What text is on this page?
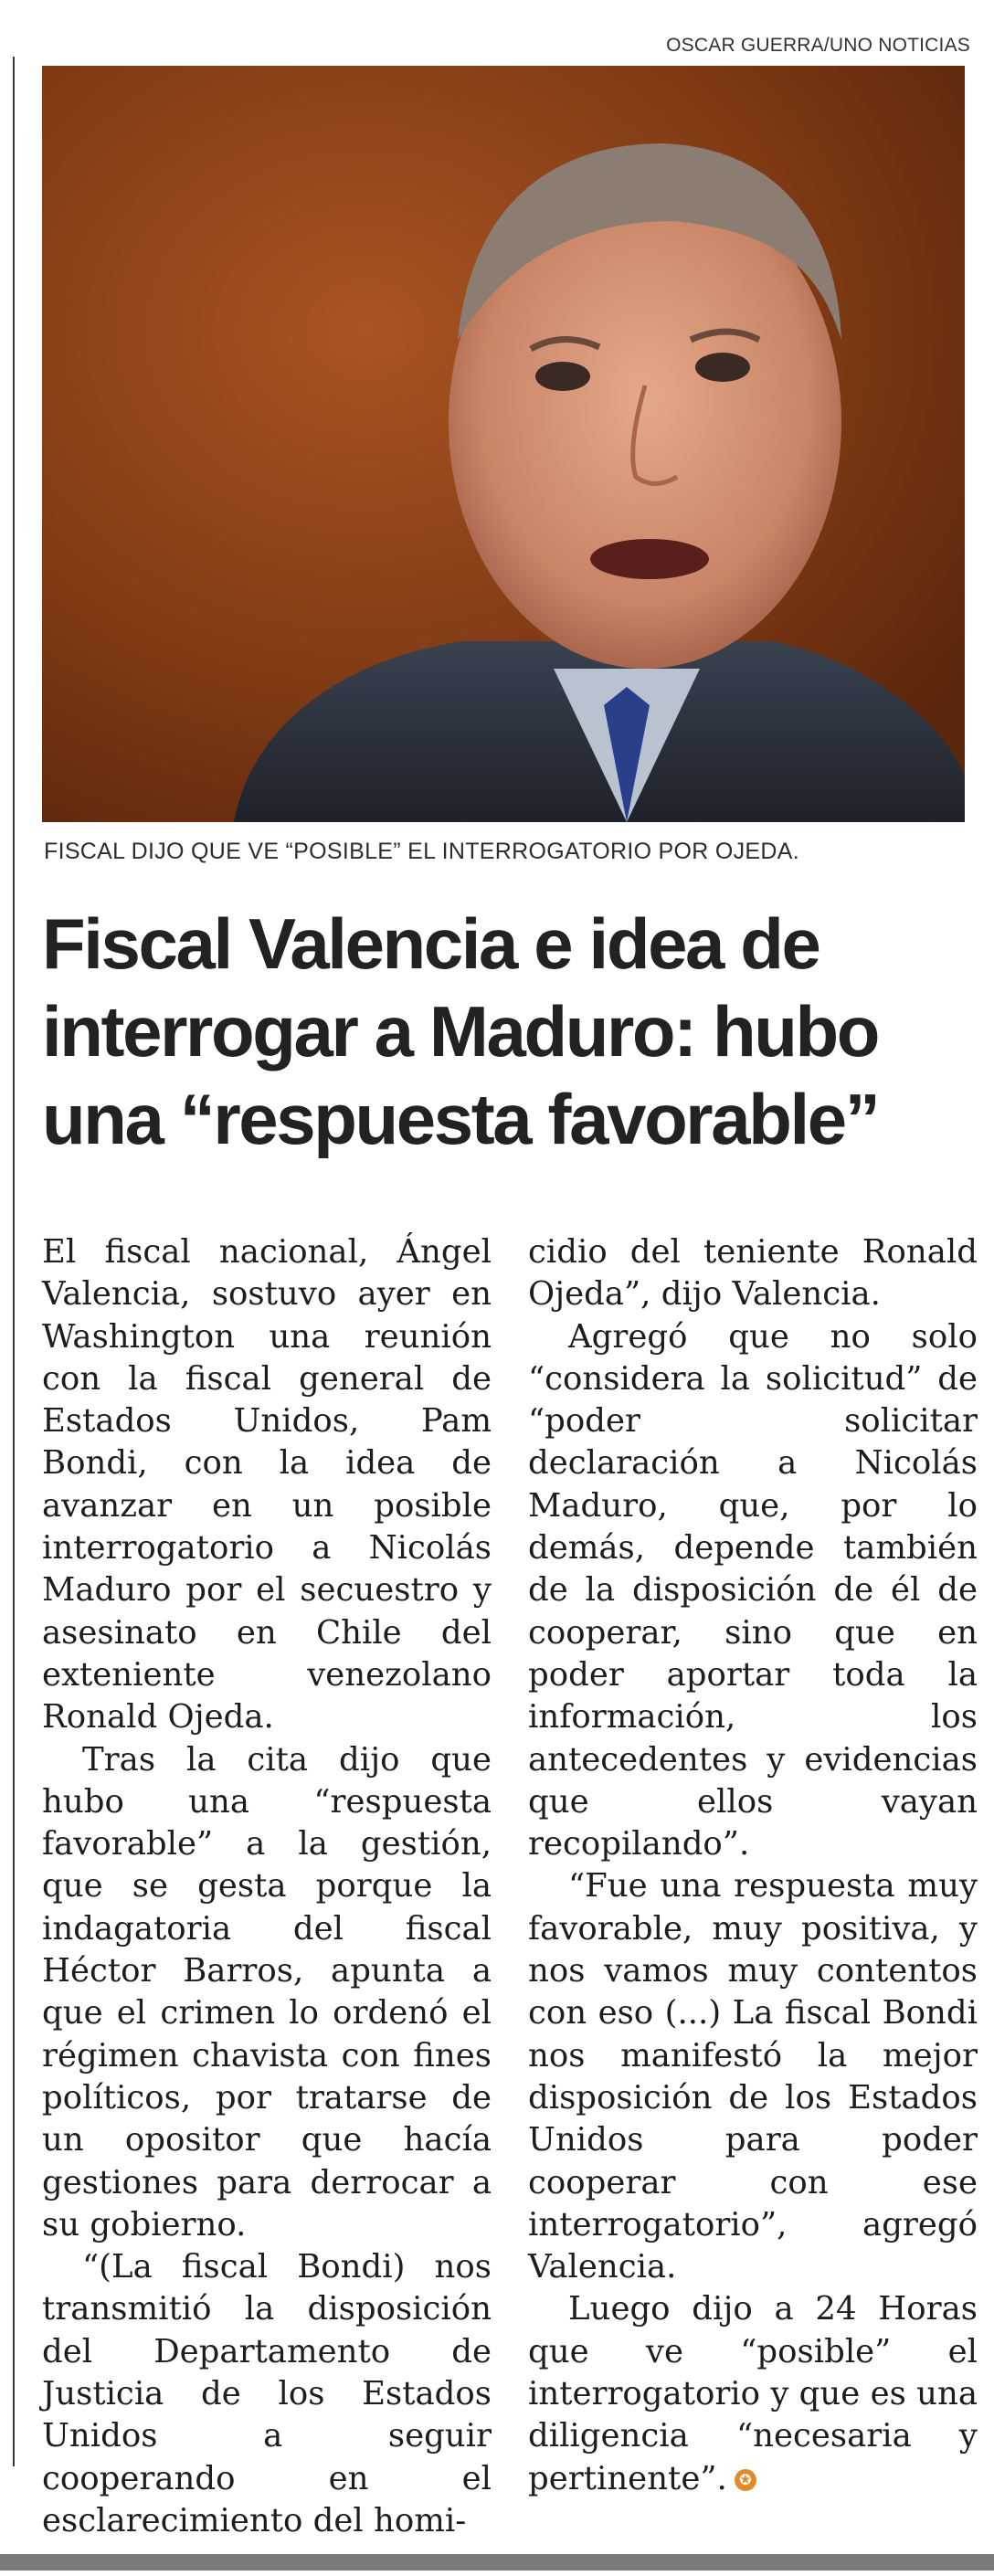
OSCAR GUERRA/UNO NOTICIAS
FISCAL DIJO QUE VE “POSIBLE” EL INTERROGATORIO POR OJEDA.
Fiscal Valencia e idea de
interrogar a Maduro: hubo
una “respuesta favorable”

El fiscal nacional, Ángel Valencia, sostuvo ayer en Washington una reunión con la fiscal general de Estados Unidos, Pam Bondi, con la idea de avanzar en un posible interrogatorio a Nicolás Maduro por el secuestro y asesinato en Chile del exteniente venezolano Ronald Ojeda.

Tras la cita dijo que hubo una “respuesta favorable” a la gestión, que se gesta porque la indagatoria del fiscal Héctor Barros, apunta a que el crimen lo ordenó el régimen chavista con fines políticos, por tratarse de un opositor que hacía gestiones para derrocar a su gobierno.

“(La fiscal Bondi) nos transmitió la disposición del Departamento de Justicia de los Estados Unidos a seguir cooperando en el esclarecimiento del homi-

cidio del teniente Ronald Ojeda”, dijo Valencia.

Agregó que no solo “considera la solicitud” de “poder solicitar declaración a Nicolás Maduro, que, por lo demás, depende también de la disposición de él de cooperar, sino que en poder aportar toda la información, los antecedentes y evidencias que ellos vayan recopilando”.

“Fue una respuesta muy favorable, muy positiva, y nos vamos muy contentos con eso (...) La fiscal Bondi nos manifestó la mejor disposición de los Estados Unidos para poder cooperar con ese interrogatorio”, agregó Valencia.

Luego dijo a 24 Horas que ve “posible” el interrogatorio y que es una diligencia “necesaria y pertinente”. ✪
